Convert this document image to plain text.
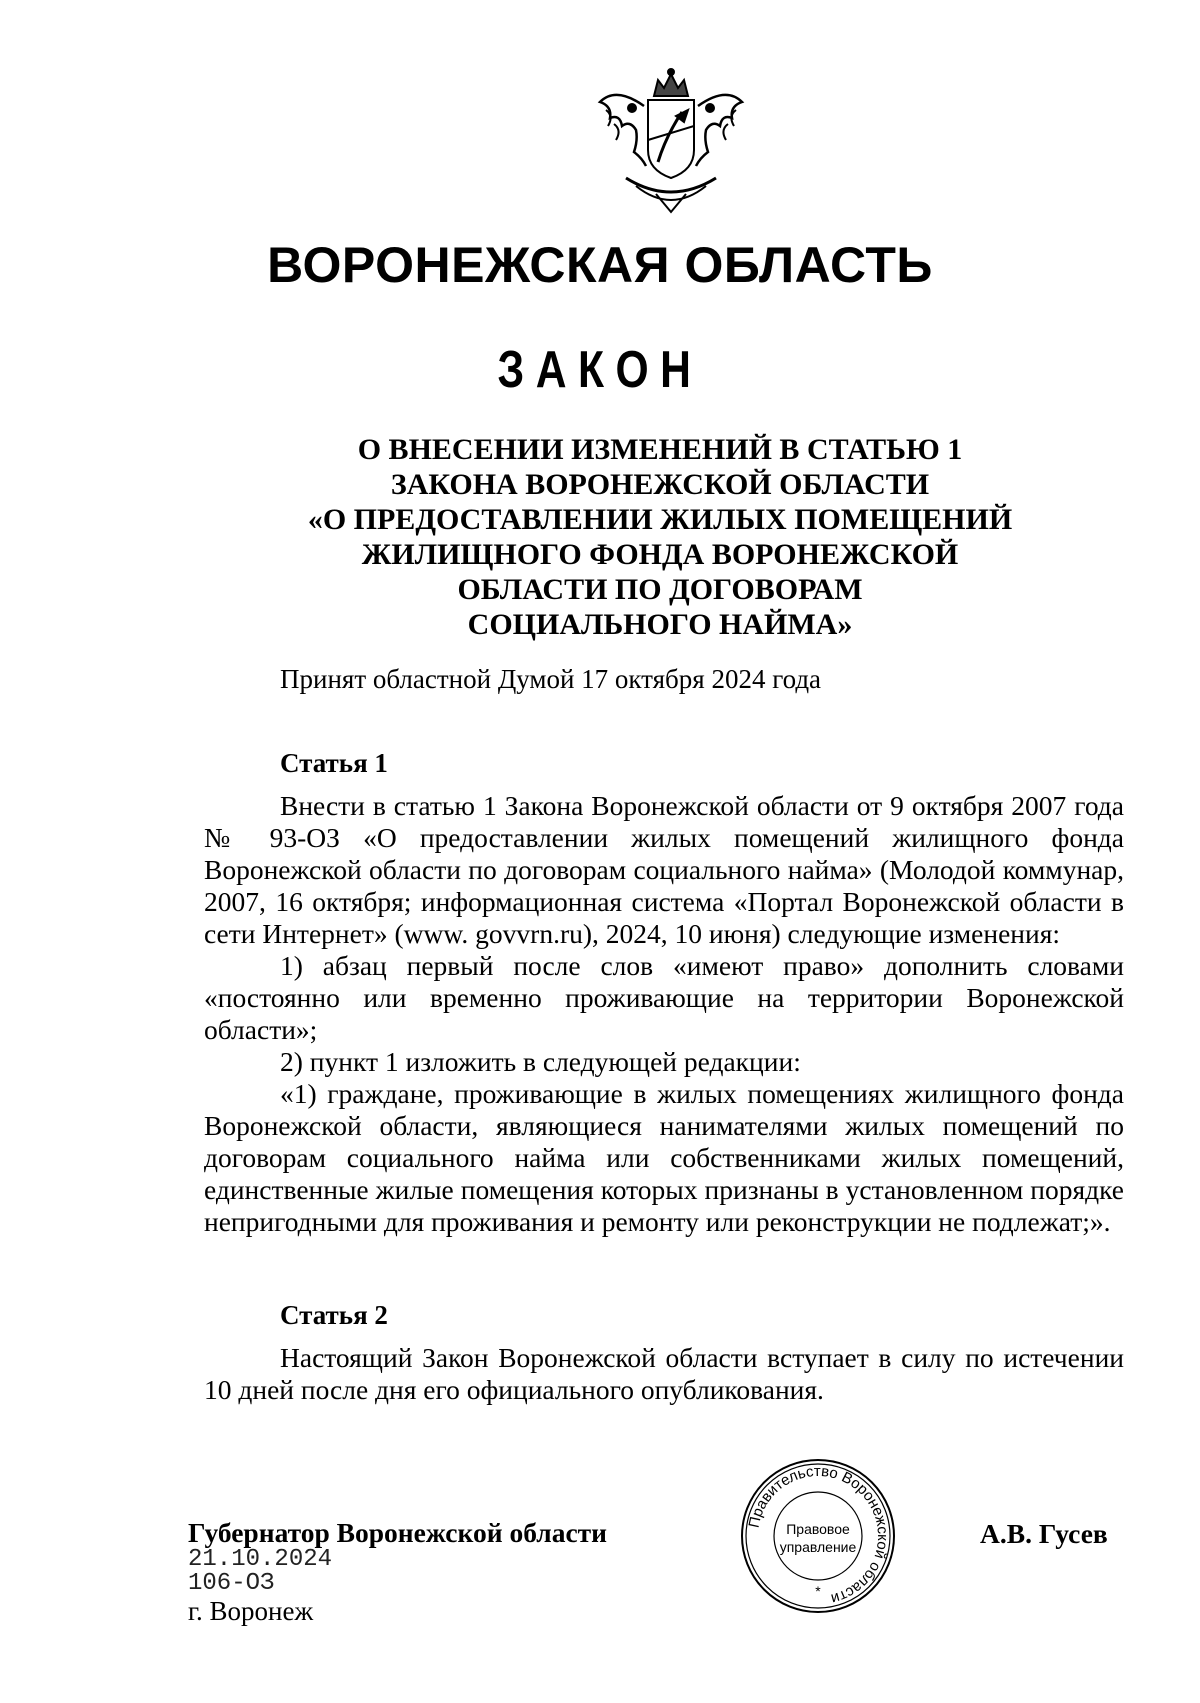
ВОРОНЕЖСКАЯ ОБЛАСТЬ
ЗАКОН
О ВНЕСЕНИИ ИЗМЕНЕНИЙ В СТАТЬЮ 1
ЗАКОНА ВОРОНЕЖСКОЙ ОБЛАСТИ
«О ПРЕДОСТАВЛЕНИИ ЖИЛЫХ ПОМЕЩЕНИЙ
ЖИЛИЩНОГО ФОНДА ВОРОНЕЖСКОЙ
ОБЛАСТИ ПО ДОГОВОРАМ
СОЦИАЛЬНОГО НАЙМА»

Принят областной Думой 17 октября 2024 года

Статья 1

Внести в статью 1 Закона Воронежской области от 9 октября 2007 года № 93-ОЗ «О предоставлении жилых помещений жилищного фонда Воронежской области по договорам социального найма» (Молодой коммунар, 2007, 16 октября; информационная система «Портал Воронежской области в сети Интернет» (www. govvrn.ru), 2024, 10 июня) следующие изменения:

1) абзац первый после слов «имеют право» дополнить словами «постоянно или временно проживающие на территории Воронежской области»;

2) пункт 1 изложить в следующей редакции:

«1) граждане, проживающие в жилых помещениях жилищного фонда Воронежской области, являющиеся нанимателями жилых помещений по договорам социального найма или собственниками жилых помещений, единственные жилые помещения которых признаны в установленном порядке непригодными для проживания и ремонту или реконструкции не подлежат;».

Статья 2

Настоящий Закон Воронежской области вступает в силу по истечении 10 дней после дня его официального опубликования.

Губернатор Воронежской области

21.10.2024

106-ОЗ

г. Воронеж

Правительство Воронежской области
Правовое
управление
*

А.В. Гусев
